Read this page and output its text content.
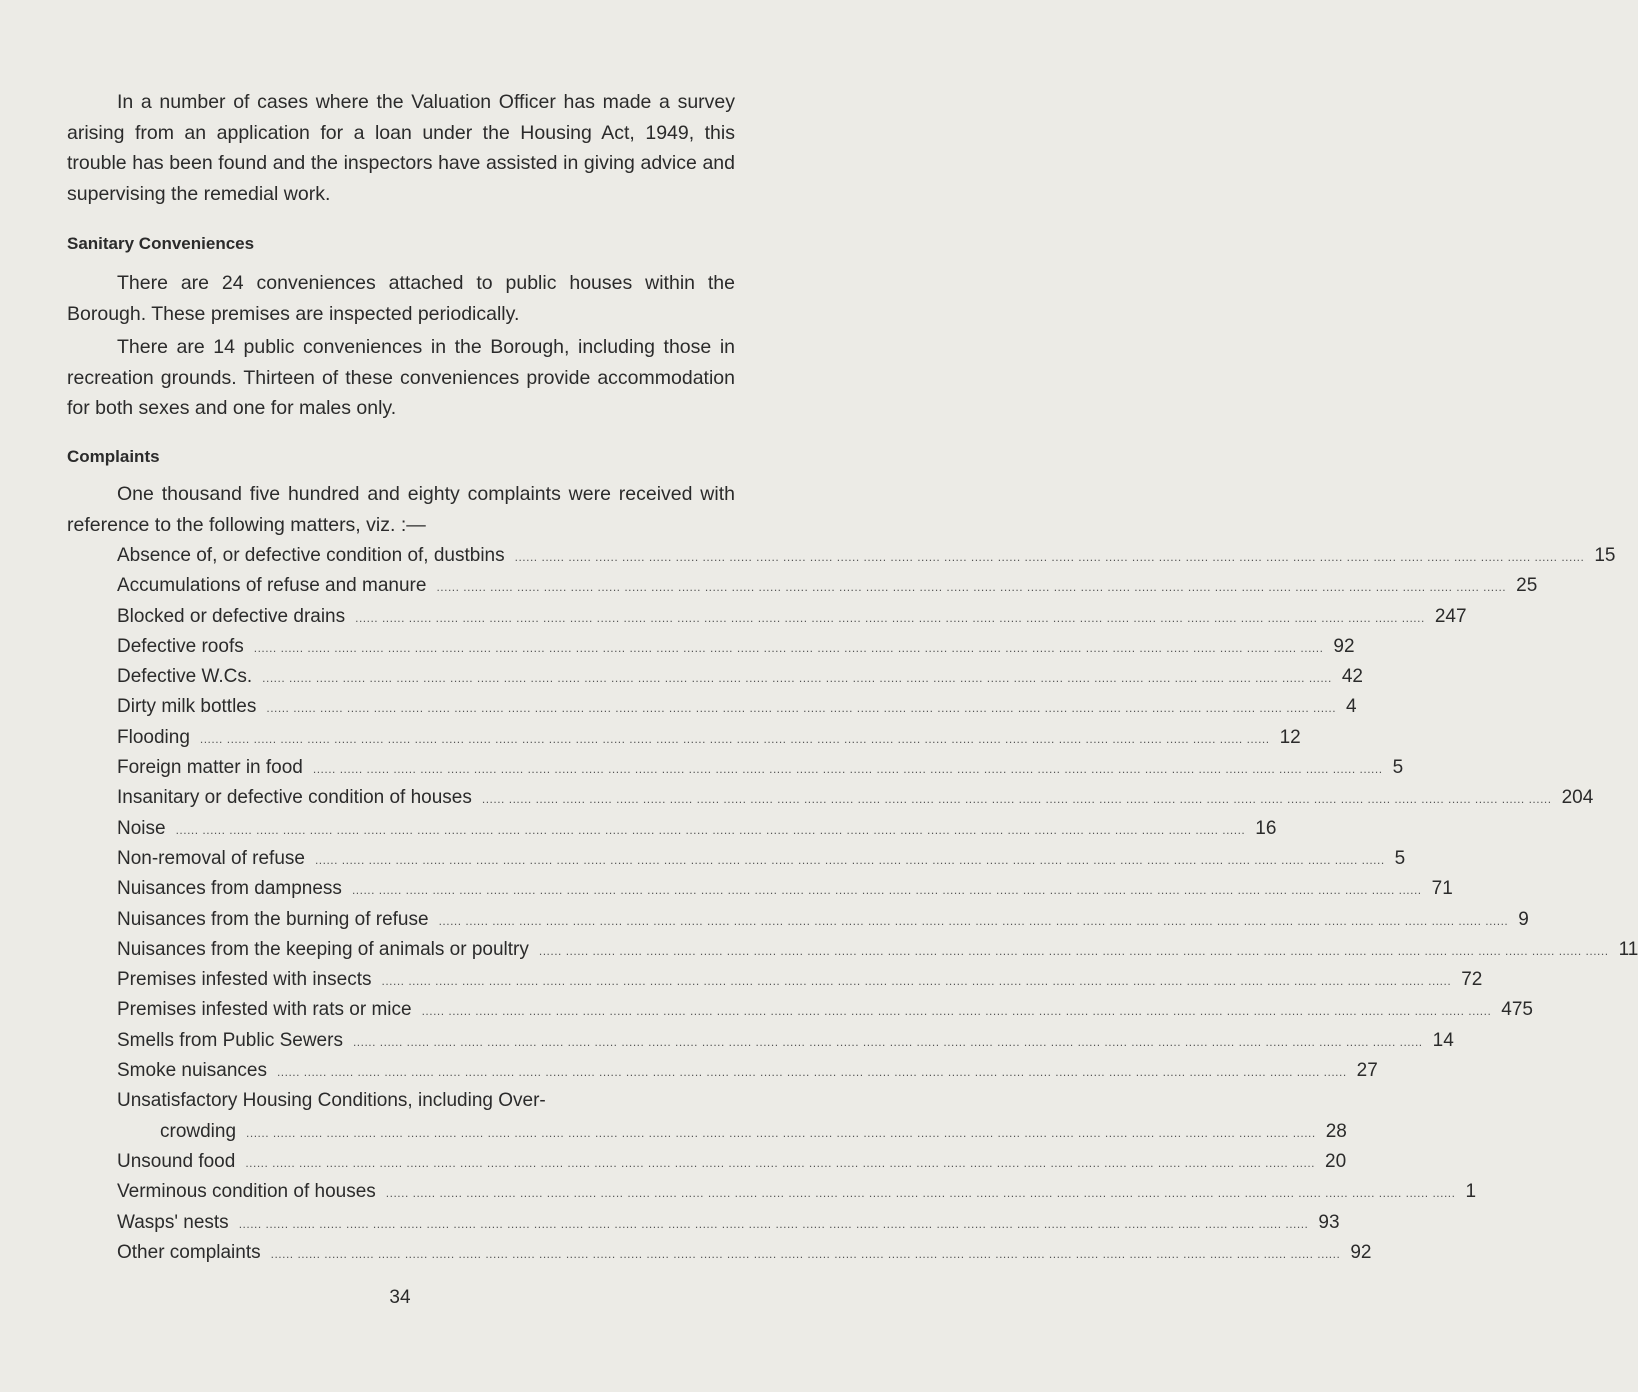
In a number of cases where the Valuation Officer has made a survey arising from an application for a loan under the Housing Act, 1949, this trouble has been found and the inspectors have assisted in giving advice and supervising the remedial work.

Sanitary Conveniences

There are 24 conveniences attached to public houses within the Borough. These premises are inspected periodically.

There are 14 public conveniences in the Borough, including those in recreation grounds. Thirteen of these conveniences provide accommodation for both sexes and one for males only.

Complaints

One thousand five hundred and eighty complaints were received with reference to the following matters, viz. :—

Absence of, or defective condition of, dustbins ...... ...... ...... ...... ...... ...... ...... ...... ...... ...... ...... ...... ...... ...... ...... ...... ...... ...... ...... ...... ...... ...... ...... ...... ...... ...... ...... ...... ...... ...... ...... ...... ...... ...... ...... ...... ...... ...... ...... ...... 15
Accumulations of refuse and manure ...... ...... ...... ...... ...... ...... ...... ...... ...... ...... ...... ...... ...... ...... ...... ...... ...... ...... ...... ...... ...... ...... ...... ...... ...... ...... ...... ...... ...... ...... ...... ...... ...... ...... ...... ...... ...... ...... ...... ...... 25
Blocked or defective drains ...... ...... ...... ...... ...... ...... ...... ...... ...... ...... ...... ...... ...... ...... ...... ...... ...... ...... ...... ...... ...... ...... ...... ...... ...... ...... ...... ...... ...... ...... ...... ...... ...... ...... ...... ...... ...... ...... ...... ...... 247
Defective roofs ...... ...... ...... ...... ...... ...... ...... ...... ...... ...... ...... ...... ...... ...... ...... ...... ...... ...... ...... ...... ...... ...... ...... ...... ...... ...... ...... ...... ...... ...... ...... ...... ...... ...... ...... ...... ...... ...... ...... ...... 92
Defective W.Cs. ...... ...... ...... ...... ...... ...... ...... ...... ...... ...... ...... ...... ...... ...... ...... ...... ...... ...... ...... ...... ...... ...... ...... ...... ...... ...... ...... ...... ...... ...... ...... ...... ...... ...... ...... ...... ...... ...... ...... ...... 42
Dirty milk bottles ...... ...... ...... ...... ...... ...... ...... ...... ...... ...... ...... ...... ...... ...... ...... ...... ...... ...... ...... ...... ...... ...... ...... ...... ...... ...... ...... ...... ...... ...... ...... ...... ...... ...... ...... ...... ...... ...... ...... ...... 4
Flooding ...... ...... ...... ...... ...... ...... ...... ...... ...... ...... ...... ...... ...... ...... ...... ...... ...... ...... ...... ...... ...... ...... ...... ...... ...... ...... ...... ...... ...... ...... ...... ...... ...... ...... ...... ...... ...... ...... ...... ...... 12
Foreign matter in food ...... ...... ...... ...... ...... ...... ...... ...... ...... ...... ...... ...... ...... ...... ...... ...... ...... ...... ...... ...... ...... ...... ...... ...... ...... ...... ...... ...... ...... ...... ...... ...... ...... ...... ...... ...... ...... ...... ...... ...... 5
Insanitary or defective condition of houses ...... ...... ...... ...... ...... ...... ...... ...... ...... ...... ...... ...... ...... ...... ...... ...... ...... ...... ...... ...... ...... ...... ...... ...... ...... ...... ...... ...... ...... ...... ...... ...... ...... ...... ...... ...... ...... ...... ...... ...... 204
Noise ...... ...... ...... ...... ...... ...... ...... ...... ...... ...... ...... ...... ...... ...... ...... ...... ...... ...... ...... ...... ...... ...... ...... ...... ...... ...... ...... ...... ...... ...... ...... ...... ...... ...... ...... ...... ...... ...... ...... ...... 16
Non-removal of refuse ...... ...... ...... ...... ...... ...... ...... ...... ...... ...... ...... ...... ...... ...... ...... ...... ...... ...... ...... ...... ...... ...... ...... ...... ...... ...... ...... ...... ...... ...... ...... ...... ...... ...... ...... ...... ...... ...... ...... ...... 5
Nuisances from dampness ...... ...... ...... ...... ...... ...... ...... ...... ...... ...... ...... ...... ...... ...... ...... ...... ...... ...... ...... ...... ...... ...... ...... ...... ...... ...... ...... ...... ...... ...... ...... ...... ...... ...... ...... ...... ...... ...... ...... ...... 71
Nuisances from the burning of refuse ...... ...... ...... ...... ...... ...... ...... ...... ...... ...... ...... ...... ...... ...... ...... ...... ...... ...... ...... ...... ...... ...... ...... ...... ...... ...... ...... ...... ...... ...... ...... ...... ...... ...... ...... ...... ...... ...... ...... ...... 9
Nuisances from the keeping of animals or poultry ...... ...... ...... ...... ...... ...... ...... ...... ...... ...... ...... ...... ...... ...... ...... ...... ...... ...... ...... ...... ...... ...... ...... ...... ...... ...... ...... ...... ...... ...... ...... ...... ...... ...... ...... ...... ...... ...... ...... ...... 11
Premises infested with insects ...... ...... ...... ...... ...... ...... ...... ...... ...... ...... ...... ...... ...... ...... ...... ...... ...... ...... ...... ...... ...... ...... ...... ...... ...... ...... ...... ...... ...... ...... ...... ...... ...... ...... ...... ...... ...... ...... ...... ...... 72
Premises infested with rats or mice ...... ...... ...... ...... ...... ...... ...... ...... ...... ...... ...... ...... ...... ...... ...... ...... ...... ...... ...... ...... ...... ...... ...... ...... ...... ...... ...... ...... ...... ...... ...... ...... ...... ...... ...... ...... ...... ...... ...... ...... 475
Smells from Public Sewers ...... ...... ...... ...... ...... ...... ...... ...... ...... ...... ...... ...... ...... ...... ...... ...... ...... ...... ...... ...... ...... ...... ...... ...... ...... ...... ...... ...... ...... ...... ...... ...... ...... ...... ...... ...... ...... ...... ...... ...... 14
Smoke nuisances ...... ...... ...... ...... ...... ...... ...... ...... ...... ...... ...... ...... ...... ...... ...... ...... ...... ...... ...... ...... ...... ...... ...... ...... ...... ...... ...... ...... ...... ...... ...... ...... ...... ...... ...... ...... ...... ...... ...... ...... 27
Unsatisfactory Housing Conditions, including Over-
crowding ...... ...... ...... ...... ...... ...... ...... ...... ...... ...... ...... ...... ...... ...... ...... ...... ...... ...... ...... ...... ...... ...... ...... ...... ...... ...... ...... ...... ...... ...... ...... ...... ...... ...... ...... ...... ...... ...... ...... ...... 28
Unsound food ...... ...... ...... ...... ...... ...... ...... ...... ...... ...... ...... ...... ...... ...... ...... ...... ...... ...... ...... ...... ...... ...... ...... ...... ...... ...... ...... ...... ...... ...... ...... ...... ...... ...... ...... ...... ...... ...... ...... ...... 20
Verminous condition of houses ...... ...... ...... ...... ...... ...... ...... ...... ...... ...... ...... ...... ...... ...... ...... ...... ...... ...... ...... ...... ...... ...... ...... ...... ...... ...... ...... ...... ...... ...... ...... ...... ...... ...... ...... ...... ...... ...... ...... ...... 1
Wasps' nests ...... ...... ...... ...... ...... ...... ...... ...... ...... ...... ...... ...... ...... ...... ...... ...... ...... ...... ...... ...... ...... ...... ...... ...... ...... ...... ...... ...... ...... ...... ...... ...... ...... ...... ...... ...... ...... ...... ...... ...... 93
Other complaints ...... ...... ...... ...... ...... ...... ...... ...... ...... ...... ...... ...... ...... ...... ...... ...... ...... ...... ...... ...... ...... ...... ...... ...... ...... ...... ...... ...... ...... ...... ...... ...... ...... ...... ...... ...... ...... ...... ...... ...... 92
34
